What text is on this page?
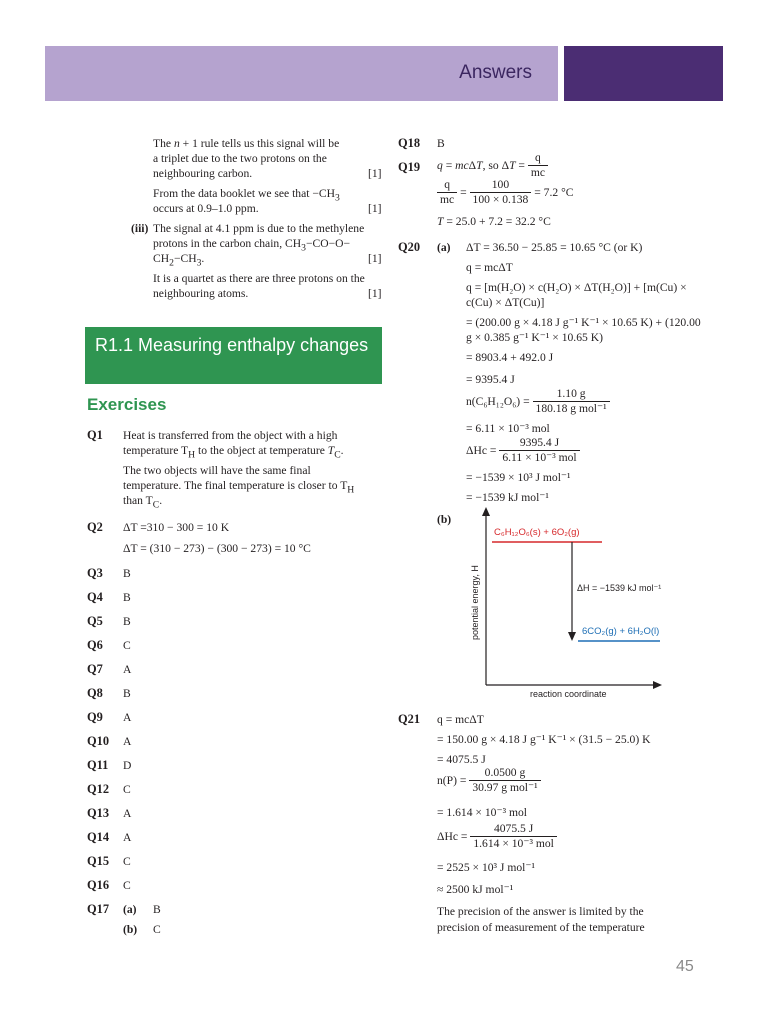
Answers
The n + 1 rule tells us this signal will be
a triplet due to the two protons on the
neighbouring carbon.	[1]
From the data booklet we see that $-CH_3$
occurs at 0.9–1.0 ppm.	[1]
(iii) The signal at 4.1 ppm is due to the methylene
protons in the carbon chain, $CH_3-CO-O-$
$CH_2-CH_3$.	[1]
It is a quartet as there are three protons on the
neighbouring atoms.	[1]
R1.1 Measuring enthalpy changes
Exercises
Q1 Heat is transferred from the object with a high
temperature $T_H$ to the object at temperature $T_C$.
The two objects will have the same final
temperature. The final temperature is closer to $T_H$
than $T_C$.
Q2 ΔT =310 − 300 = 10 K
ΔT = (310 − 273) − (300 − 273) = 10 °C
Q3 B
Q4 B
Q5 B
Q6 C
Q7 A
Q8 B
Q9 A
Q10 A
Q11 D
Q12 C
Q13 A
Q14 A
Q15 C
Q16 C
Q17 (a) B
(b) C
Q18 B
Q19 q = mcΔT, so $\Delta T = \frac{q}{mc}$
$\frac{q}{mc} = \frac{100}{100 \times 0.138} = 7.2$ °C
T = 25.0 + 7.2 = 32.2 °C
Q20 (a) ΔT = 36.50 − 25.85 = 10.65 °C (or K)
q = mcΔT
q = [m(H₂O) × c(H₂O) × ΔT(H₂O)] + [m(Cu) ×
c(Cu) × ΔT(Cu)]
= (200.00 g × 4.18 J g⁻¹ K⁻¹ × 10.65 K) + (120.00
g × 0.385 g⁻¹ K⁻¹ × 10.65 K)
= 8903.4 + 492.0 J
= 9395.4 J
$n(C_6H_{12}O_6) = \frac{1.10 g}{\text{180.18 g mol⁻¹}}$
= 6.11 × 10⁻³ mol
$\Delta Hc = \frac{9395.4 J}{\text{6.11 × 10⁻³ mol}}$
= −1539 × 10³ J mol⁻¹
= −1539 kJ mol⁻¹
(b)
C₆H₁₂O₆(s) + 6O₂(g)
6CO₂(g) + 6H₂O(l)
ΔH = −1539 kJ mol⁻¹
potential energy, H
reaction coordinate
Q21 q = mcΔT
= 150.00 g × 4.18 J g⁻¹ K⁻¹ × (31.5 − 25.0) K
= 4075.5 J
$n(P) = \frac{0.0500 g}{\text{30.97 g mol⁻¹}}$
= 1.614 × 10⁻³ mol
$\Delta Hc = \frac{4075.5 J}{\text{1.614 × 10⁻³ mol}}$
= 2525 × 10³ J mol⁻¹
≈ 2500 kJ mol⁻¹
The precision of the answer is limited by the
precision of measurement of the temperature
45
